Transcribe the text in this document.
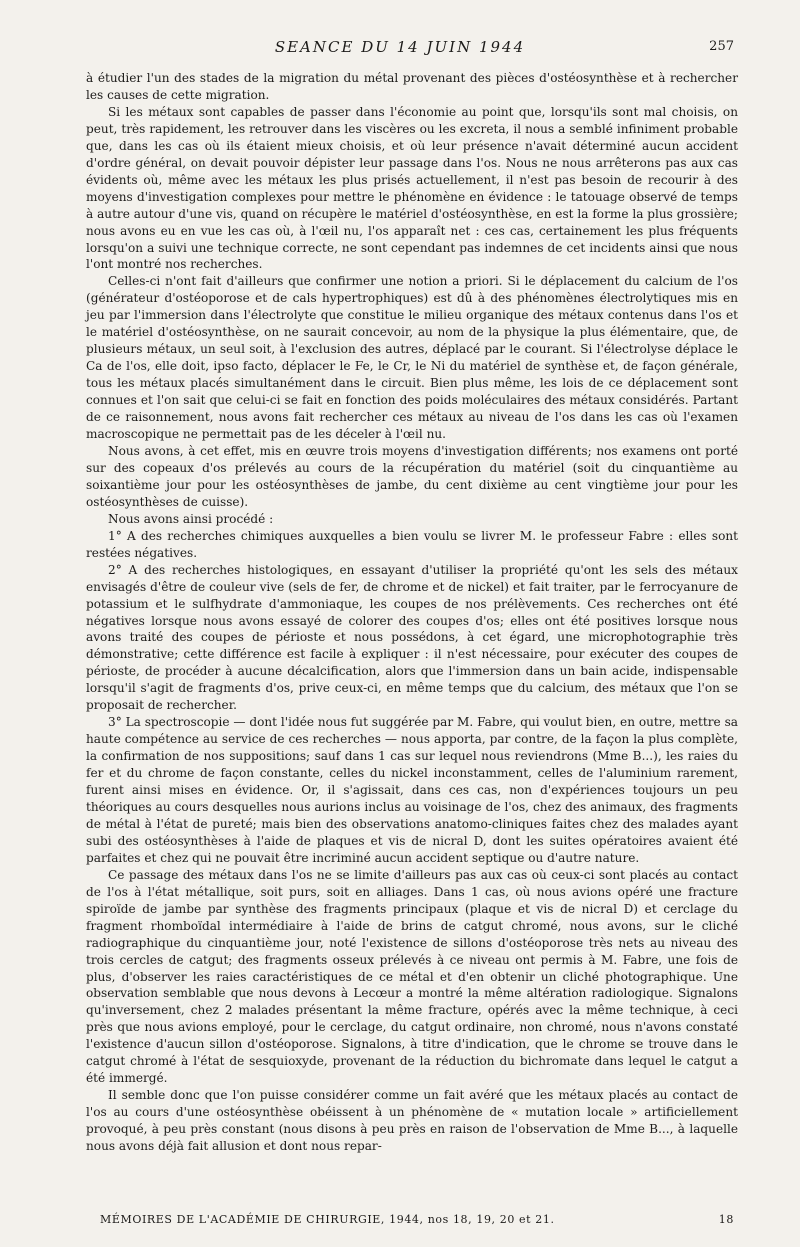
SEANCE DU 14 JUIN 1944	257

à étudier l'un des stades de la migration du métal provenant des pièces d'ostéosynthèse et à rechercher les causes de cette migration.

Si les métaux sont capables de passer dans l'économie au point que, lorsqu'ils sont mal choisis, on peut, très rapidement, les retrouver dans les viscères ou les excreta, il nous a semblé infiniment probable que, dans les cas où ils étaient mieux choisis, et où leur présence n'avait déterminé aucun accident d'ordre général, on devait pouvoir dépister leur passage dans l'os. Nous ne nous arrêterons pas aux cas évidents où, même avec les métaux les plus prisés actuellement, il n'est pas besoin de recourir à des moyens d'investigation complexes pour mettre le phénomène en évidence : le tatouage observé de temps à autre autour d'une vis, quand on récupère le matériel d'ostéosynthèse, en est la forme la plus grossière; nous avons eu en vue les cas où, à l'œil nu, l'os apparaît net : ces cas, certainement les plus fréquents lorsqu'on a suivi une technique correcte, ne sont cependant pas indemnes de cet incidents ainsi que nous l'ont montré nos recherches.

Celles-ci n'ont fait d'ailleurs que confirmer une notion a priori. Si le déplacement du calcium de l'os (générateur d'ostéoporose et de cals hypertrophiques) est dû à des phénomènes électrolytiques mis en jeu par l'immersion dans l'électrolyte que constitue le milieu organique des métaux contenus dans l'os et le matériel d'ostéosynthèse, on ne saurait concevoir, au nom de la physique la plus élémentaire, que, de plusieurs métaux, un seul soit, à l'exclusion des autres, déplacé par le courant. Si l'électrolyse déplace le Ca de l'os, elle doit, ipso facto, déplacer le Fe, le Cr, le Ni du matériel de synthèse et, de façon générale, tous les métaux placés simultanément dans le circuit. Bien plus même, les lois de ce déplacement sont connues et l'on sait que celui-ci se fait en fonction des poids moléculaires des métaux considérés. Partant de ce raisonnement, nous avons fait rechercher ces métaux au niveau de l'os dans les cas où l'examen macroscopique ne permettait pas de les déceler à l'œil nu.

Nous avons, à cet effet, mis en œuvre trois moyens d'investigation différents; nos examens ont porté sur des copeaux d'os prélevés au cours de la récupération du matériel (soit du cinquantième au soixantième jour pour les ostéosynthèses de jambe, du cent dixième au cent vingtième jour pour les ostéosynthèses de cuisse).

Nous avons ainsi procédé :

1° A des recherches chimiques auxquelles a bien voulu se livrer M. le professeur Fabre : elles sont restées négatives.

2° A des recherches histologiques, en essayant d'utiliser la propriété qu'ont les sels des métaux envisagés d'être de couleur vive (sels de fer, de chrome et de nickel) et fait traiter, par le ferrocyanure de potassium et le sulfhydrate d'ammoniaque, les coupes de nos prélèvements. Ces recherches ont été négatives lorsque nous avons essayé de colorer des coupes d'os; elles ont été positives lorsque nous avons traité des coupes de périoste et nous possédons, à cet égard, une microphotographie très démonstrative; cette différence est facile à expliquer : il n'est nécessaire, pour exécuter des coupes de périoste, de procéder à aucune décalcification, alors que l'immersion dans un bain acide, indispensable lorsqu'il s'agit de fragments d'os, prive ceux-ci, en même temps que du calcium, des métaux que l'on se proposait de rechercher.

3° La spectroscopie — dont l'idée nous fut suggérée par M. Fabre, qui voulut bien, en outre, mettre sa haute compétence au service de ces recherches — nous apporta, par contre, de la façon la plus complète, la confirmation de nos suppositions; sauf dans 1 cas sur lequel nous reviendrons (Mme B...), les raies du fer et du chrome de façon constante, celles du nickel inconstamment, celles de l'aluminium rarement, furent ainsi mises en évidence. Or, il s'agissait, dans ces cas, non d'expériences toujours un peu théoriques au cours desquelles nous aurions inclus au voisinage de l'os, chez des animaux, des fragments de métal à l'état de pureté; mais bien des observations anatomo-cliniques faites chez des malades ayant subi des ostéosynthèses à l'aide de plaques et vis de nicral D, dont les suites opératoires avaient été parfaites et chez qui ne pouvait être incriminé aucun accident septique ou d'autre nature.

Ce passage des métaux dans l'os ne se limite d'ailleurs pas aux cas où ceux-ci sont placés au contact de l'os à l'état métallique, soit purs, soit en alliages. Dans 1 cas, où nous avions opéré une fracture spiroïde de jambe par synthèse des fragments principaux (plaque et vis de nicral D) et cerclage du fragment rhomboïdal intermédiaire à l'aide de brins de catgut chromé, nous avons, sur le cliché radiographique du cinquantième jour, noté l'existence de sillons d'ostéoporose très nets au niveau des trois cercles de catgut; des fragments osseux prélevés à ce niveau ont permis à M. Fabre, une fois de plus, d'observer les raies caractéristiques de ce métal et d'en obtenir un cliché photographique. Une observation semblable que nous devons à Lecœur a montré la même altération radiologique. Signalons qu'inversement, chez 2 malades présentant la même fracture, opérés avec la même technique, à ceci près que nous avions employé, pour le cerclage, du catgut ordinaire, non chromé, nous n'avons constaté l'existence d'aucun sillon d'ostéoporose. Signalons, à titre d'indication, que le chrome se trouve dans le catgut chromé à l'état de sesquioxyde, provenant de la réduction du bichromate dans lequel le catgut a été immergé.

Il semble donc que l'on puisse considérer comme un fait avéré que les métaux placés au contact de l'os au cours d'une ostéosynthèse obéissent à un phénomène de « mutation locale » artificiellement provoqué, à peu près constant (nous disons à peu près en raison de l'observation de Mme B..., à laquelle nous avons déjà fait allusion et dont nous repar-

MÉMOIRES DE L'ACADÉMIE DE CHIRURGIE, 1944, nos 18, 19, 20 et 21.	18
